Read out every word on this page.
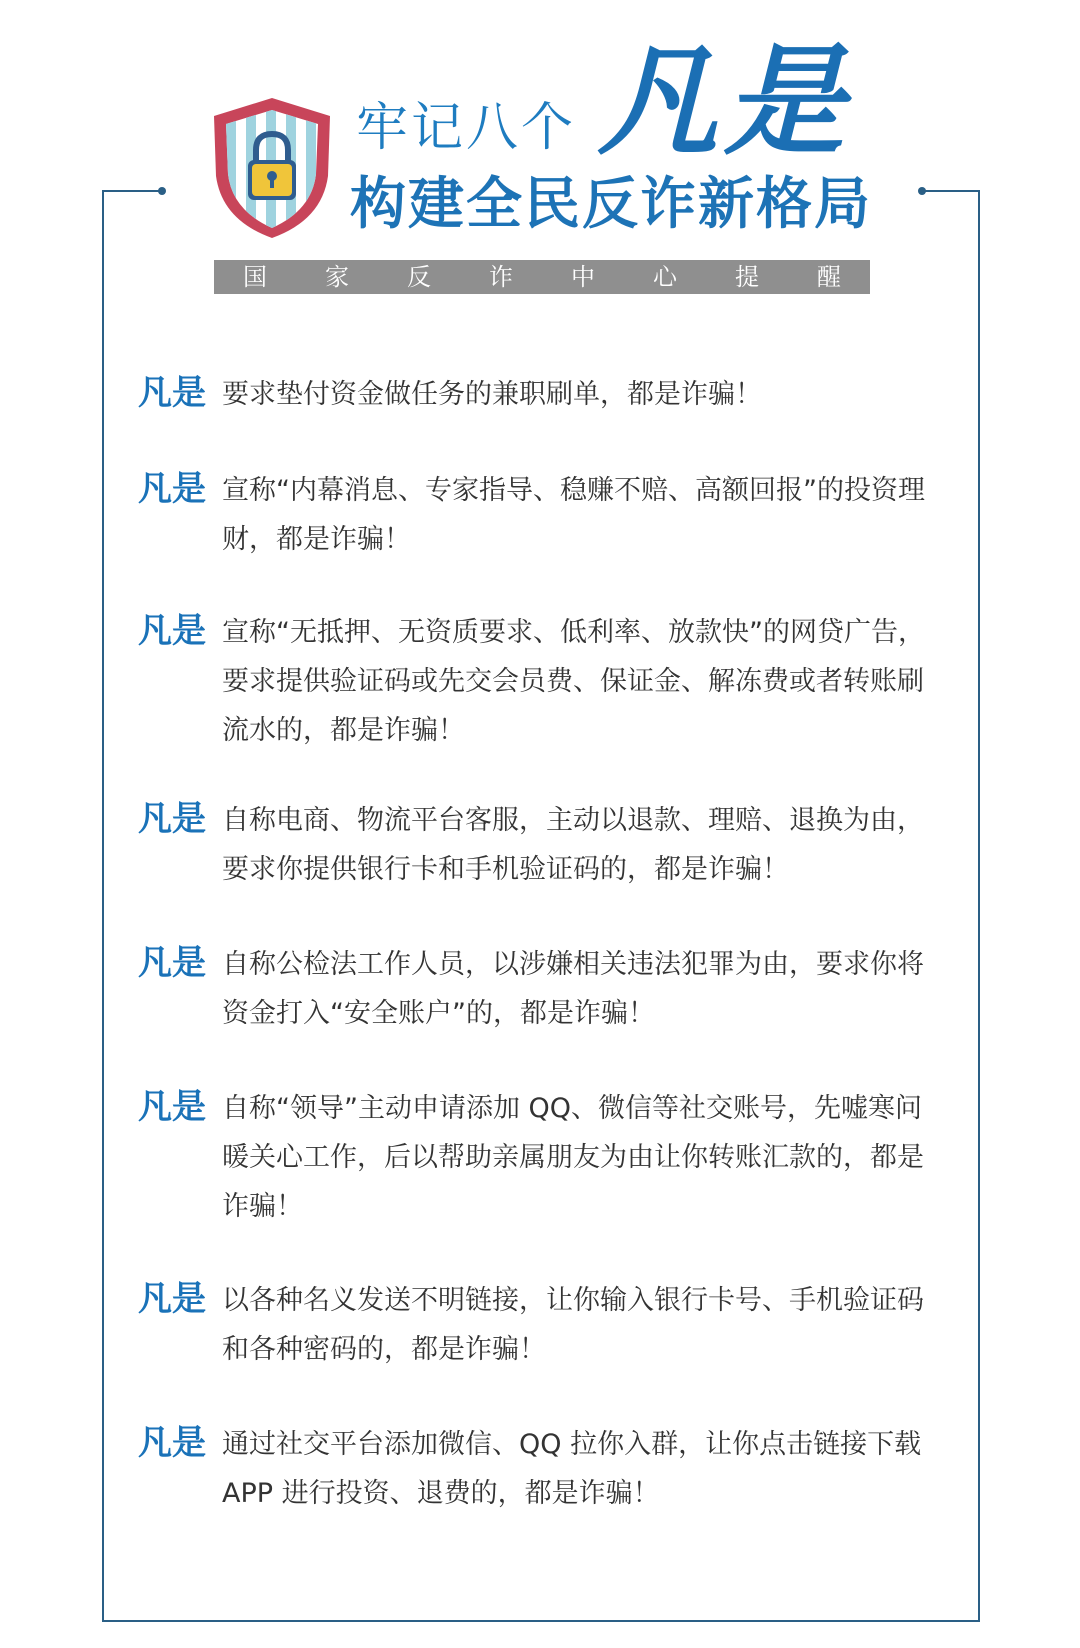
牢记八个 凡是
构建全民反诈新格局
国 家 反 诈 中 心 提 醒
凡是 要求垫付资金做任务的兼职刷单，都是诈骗！
凡是 宣称“内幕消息、专家指导、稳赚不赔、高额回报”的投资理财，都是诈骗！
凡是 宣称“无抵押、无资质要求、低利率、放款快”的网贷广告，要求提供验证码或先交会员费、保证金、解冻费或者转账刷流水的，都是诈骗！
凡是 自称电商、物流平台客服，主动以退款、理赔、退换为由，要求你提供银行卡和手机验证码的，都是诈骗！
凡是 自称公检法工作人员，以涉嫌相关违法犯罪为由，要求你将资金打入“安全账户”的，都是诈骗！
凡是 自称“领导”主动申请添加 QQ、微信等社交账号，先嘘寒问暖关心工作，后以帮助亲属朋友为由让你转账汇款的，都是诈骗！
凡是 以各种名义发送不明链接，让你输入银行卡号、手机验证码和各种密码的，都是诈骗！
凡是 通过社交平台添加微信、QQ 拉你入群，让你点击链接下载 APP 进行投资、退费的，都是诈骗！
